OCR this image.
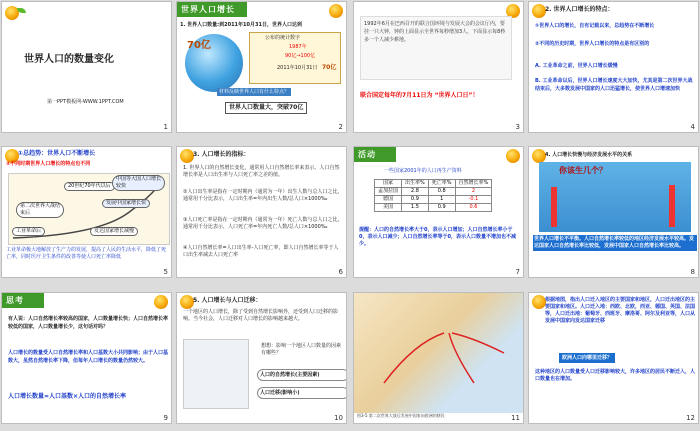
世界人口的数量变化
第一PPT模板网-WWW.1PPT.COM
1
世界人口增长
1. 世界人口数量:到2011年10月31日，世界人口达到
70亿
公布的统计数字
1987年
90亿→100亿
2011年10月31日 70亿
材料反映世界人口有什么特点？
世界人口数量大，突破70亿
2
1992年6月在巴西召开的联合国环境与发展大会的会议厅内，要挂一只大钟，钟的上面显示全世界每秒增加3人，下面显示每8秒多一个人减少耕地。
联合国定每年的7月11日为 “世界人口日”！
3
2. 世界人口增长的特点：
①世界人口的增长，自有记载以来，总趋势在不断增长
②不同的历史时期，世界人口增长的特点是有区别的
A. 工业革命之前，世界人口增长缓慢
B. 工业革命以后，世界人口增长速度大大加快，尤其是第二次世界大战结束后，大多数发展中国家的人口迅猛增长，使世界人口增速加快
4
①总趋势：世界人口不断增长
②不同时期世界人口增长的特点也不同
20世纪70年代以后
中国等大国人口增长较快
第二次世界大战结束后
发展中国家增长快
工业革命后	发达国家增长减慢
工业革命极大地解放了生产力的发展，提高了人民的生活水平，降低了死亡率，同时医疗卫生条件的改善等使人口死亡率降低
5
3. 人口增长的指标：
1. 世界人口的自然增长变化，通常用人口自然增长率来表示。人口自然增长率是人口出生率与人口死亡率之差的值。
②人口出生率是指在一定时期内（通常为一年）出生人数与总人口之比，通常用千分比表示，人口出生率=年内出生人数/总人口×1000‰
③人口死亡率是指在一定时期内（通常为一年）死亡人数与总人口之比，通常用千分比表示，人口死亡率=年内死亡人数/总人口×1000‰
④人口自然增长率=人口出生率-人口死亡率，即人口自然增长率等于人口出生率减去人口死亡率
6
活动
一些国家2001年的人口再生产资料
国家	出生率%	死亡率%	自然增长率%
孟加拉国	2.8	0.8	2
德国	0.9	1	-0.1
美国	1.5	0.9	0.6
提醒：人口的自然增长率大于0，表示人口增加；人口自然增长率小于0，表示人口减少；人口自然增长率等于0，表示人口数量不增加也不减少。
7
4. 人口增长快慢与经济发展水平的关系
你该生几个？
世界人口增长不平衡。人口自然增长率较低的地区经济发展水平较高。发达国家人口自然增长率比较低，发展中国家人口自然增长率比较高。
8
思考
有人说：人口自然增长率较高的国家，人口数量增长快；人口自然增长率较低的国家，人口数量增长少，这句话对吗？
人口增长的数量受人口自然增长率和人口基数大小共同影响；由于人口基数大，虽然自然增长率下降，但每年人口增长的数量仍然较大。
人口增长数量=人口基数×人口的自然增长率
9
5. 人口增长与人口迁移：
一个地区的人口增长，除了受到自然增长影响外，还受到人口迁移的影响。当今社会，人口迁移对人口增长的影响越来越大。
想想：影响一个地区人口数量的因素有哪些？
人口的自然增长(主要因素)
人口迁移(影响小)
10	图3-5 第二次世界大战后发展中国家向欧洲的移民	11
根据地图，指出人口迁入地区的主要国家和地区，人口迁出地区的主要国家和地区。人口迁入地：西欧、北欧，西亚、德国、英国、法国等，人口迁出地：葡萄牙、西班牙、摩洛哥、阿尔及利亚等，人口从发展中国家向发达国家迁移
欧洲人口向哪里迁移？
这种地区的人口数量受人口迁移影响较大，许多地区的居民不断迁入，人口数量也在增加。
12
